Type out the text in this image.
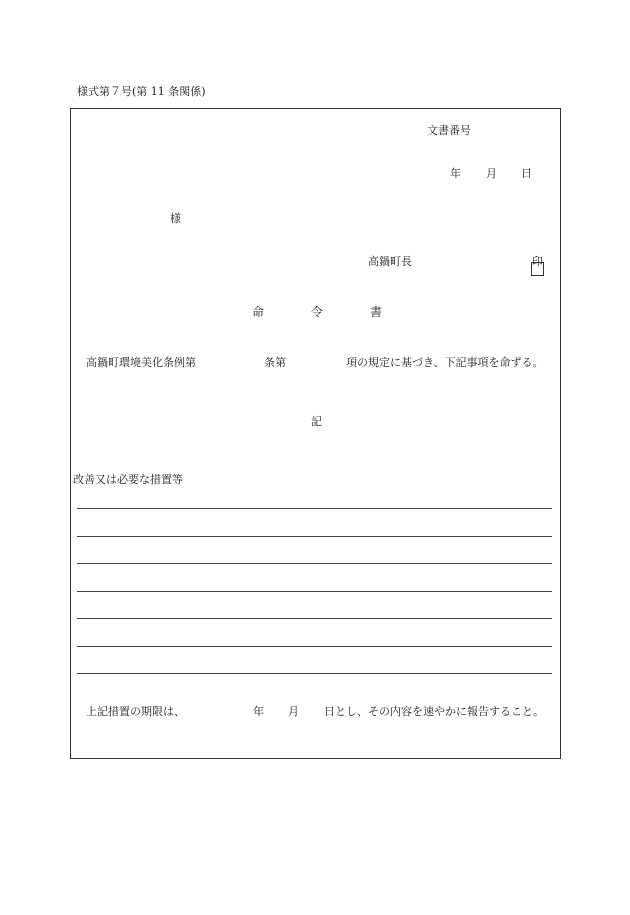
様式第７号(第 11 条関係)
文書番号
年 月 日
様
高鍋町長	印
命	令	書
高鍋町環境美化条例第	条第	項の規定に基づき、下記事項を命ずる。
記
改善又は必要な措置等
上記措置の期限は、	年 月 日とし、その内容を速やかに報告すること。
